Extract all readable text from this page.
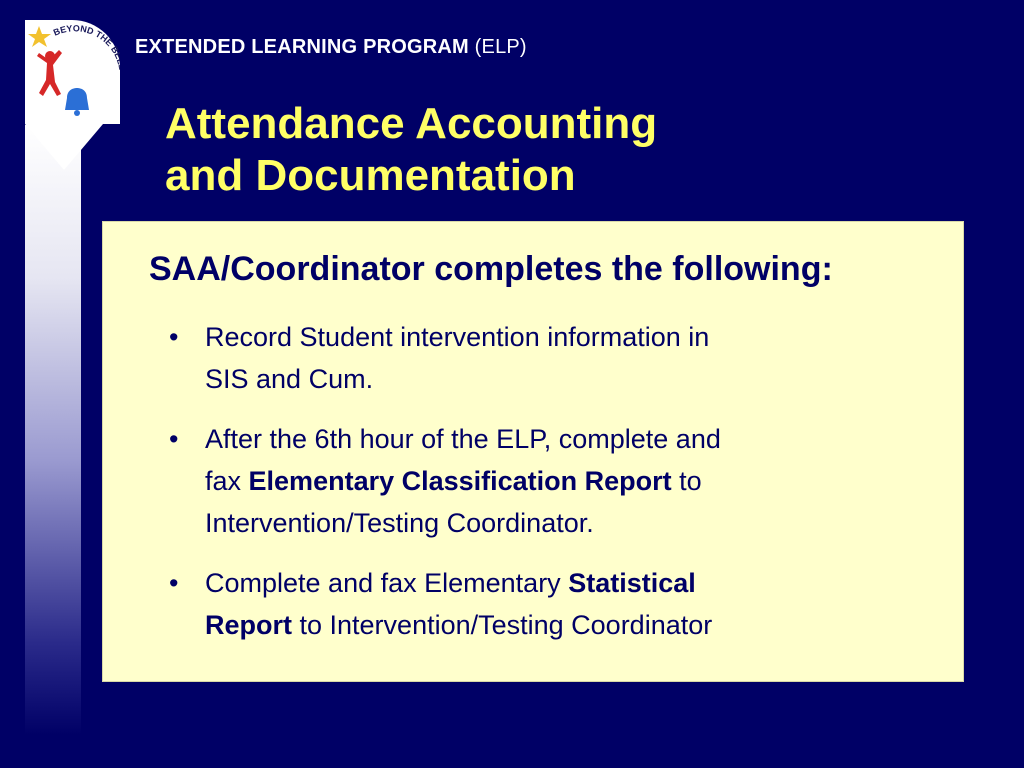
BEYOND THE B EXTENDED LEARNING PROGRAM (ELP)
Attendance Accounting
and Documentation
SAA/Coordinator completes the following:
• Record Student intervention information in
SIS and Cum.
• After the 6th hour of the ELP, complete and
fax Elementary Classification Report to
Intervention/Testing Coordinator.
• Complete and fax Elementary Statistical
Report to Intervention/Testing Coordinator
